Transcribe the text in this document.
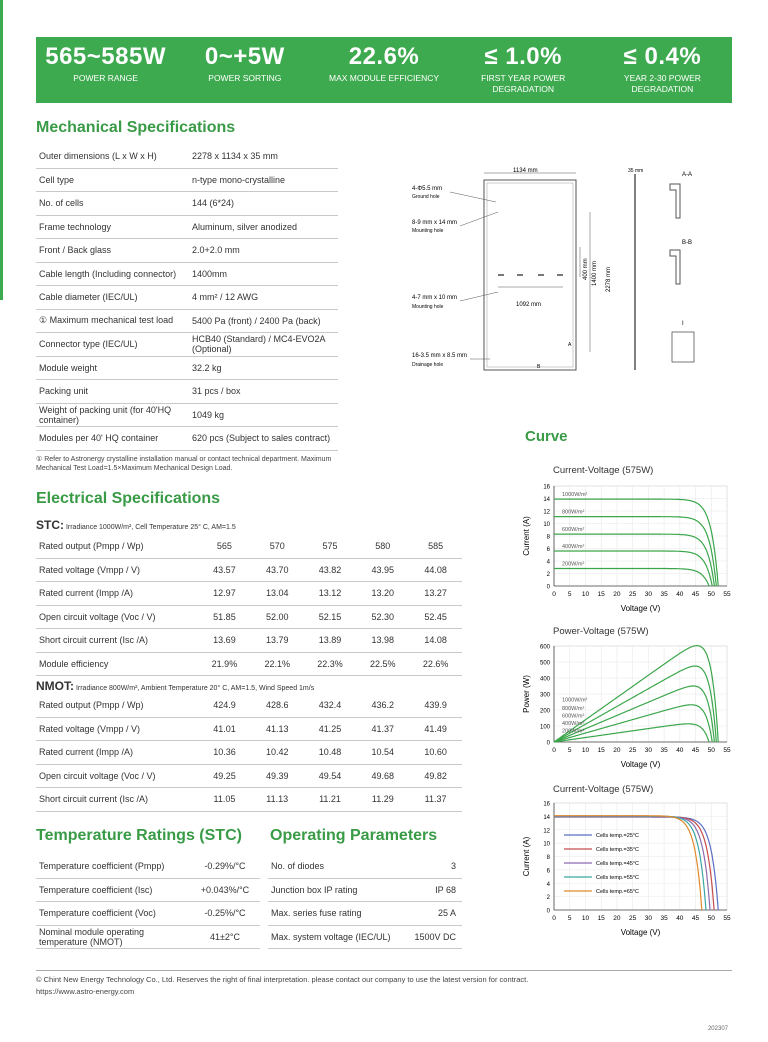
565~585W
POWER RANGE
0~+5W
POWER SORTING
22.6%
MAX MODULE EFFICIENCY
≤ 1.0%
FIRST YEAR POWER DEGRADATION
≤ 0.4%
YEAR 2-30 POWER DEGRADATION
Mechanical Specifications
Outer dimensions (L x W x H)	2278 x 1134 x 35 mm
Cell type	n-type mono-crystalline
No. of cells	144 (6*24)
Frame technology	Aluminum, silver anodized
Front / Back glass	2.0+2.0 mm
Cable length (Including connector)	1400mm
Cable diameter (IEC/UL)	4 mm² / 12 AWG
① Maximum mechanical test load	5400 Pa (front) / 2400 Pa (back)
Connector type (IEC/UL)	HCB40 (Standard) / MC4-EVO2A (Optional)
Module weight	32.2 kg
Packing unit	31 pcs / box
Weight of packing unit (for 40'HQ container)	1049 kg
Modules per 40' HQ container	620 pcs (Subject to sales contract)
① Refer to Astronergy crystalline installation manual or contact technical department. Maximum Mechanical Test Load=1.5×Maximum Mechanical Design Load.
1134 mm	35 mm
2278 mm
1400 mm
400 mm
1092 mm
4-Φ5.5 mm
Ground hole
8-9 mm x 14 mm
Mounting hole
4-7 mm x 10 mm
Mounting hole
16-3.5 mm x 8.5 mm
Drainage hole
A
B
A-A
B-B
I
Electrical Specifications
STC: Irradiance 1000W/m², Cell Temperature 25° C, AM=1.5
Rated output (Pmpp / Wp)	565	570	575	580	585
Rated voltage (Vmpp / V)	43.57	43.70	43.82	43.95	44.08
Rated current (Impp /A)	12.97	13.04	13.12	13.20	13.27
Open circuit voltage (Voc / V)	51.85	52.00	52.15	52.30	52.45
Short circuit current (Isc /A)	13.69	13.79	13.89	13.98	14.08
Module efficiency	21.9%	22.1%	22.3%	22.5%	22.6%
NMOT: Irradiance 800W/m², Ambient Temperature 20° C, AM=1.5, Wind Speed 1m/s
Rated output (Pmpp / Wp)	424.9	428.6	432.4	436.2	439.9
Rated voltage (Vmpp / V)	41.01	41.13	41.25	41.37	41.49
Rated current (Impp /A)	10.36	10.42	10.48	10.54	10.60
Open circuit voltage (Voc / V)	49.25	49.39	49.54	49.68	49.82
Short circuit current (Isc /A)	11.05	11.13	11.21	11.29	11.37
Temperature Ratings (STC)
Temperature coefficient (Pmpp)	-0.29%/°C
Temperature coefficient (Isc)	+0.043%/°C
Temperature coefficient (Voc)	-0.25%/°C
Nominal module operating temperature (NMOT)	41±2°C
Operating Parameters
No. of diodes	3
Junction box IP rating	IP 68
Max. series fuse rating	25 A
Max. system voltage (IEC/UL)	1500V DC
Curve
Current-Voltage (575W)
0
2
4
6
8
10
12
14
16
0 5 10 15 20 25 30 35 40 45 50 55
Voltage (V)
Current (A)
1000W/m²
800W/m²
600W/m²
400W/m²
200W/m²
Power-Voltage (575W)
0
100
200
300
400
500
600
0 5 10 15 20 25 30 35 40 45 50 55
Voltage (V)
Power (W)	1000W/m²
800W/m²
600W/m²
400W/m²
200W/m²
Current-Voltage (575W)
0
2
4
6
8
10
12
14
16
0 5 10 15 20 25 30 35 40 45 50 55
Voltage (V)
Current (A)
Cells temp.=25°C
Cells temp.=35°C
Cells temp.=45°C
Cells temp.=55°C
Cells temp.=65°C
© Chint New Energy Technology Co., Ltd. Reserves the right of final interpretation. please contact our company to use the latest version for contract.
https://www.astro-energy.com
202307
